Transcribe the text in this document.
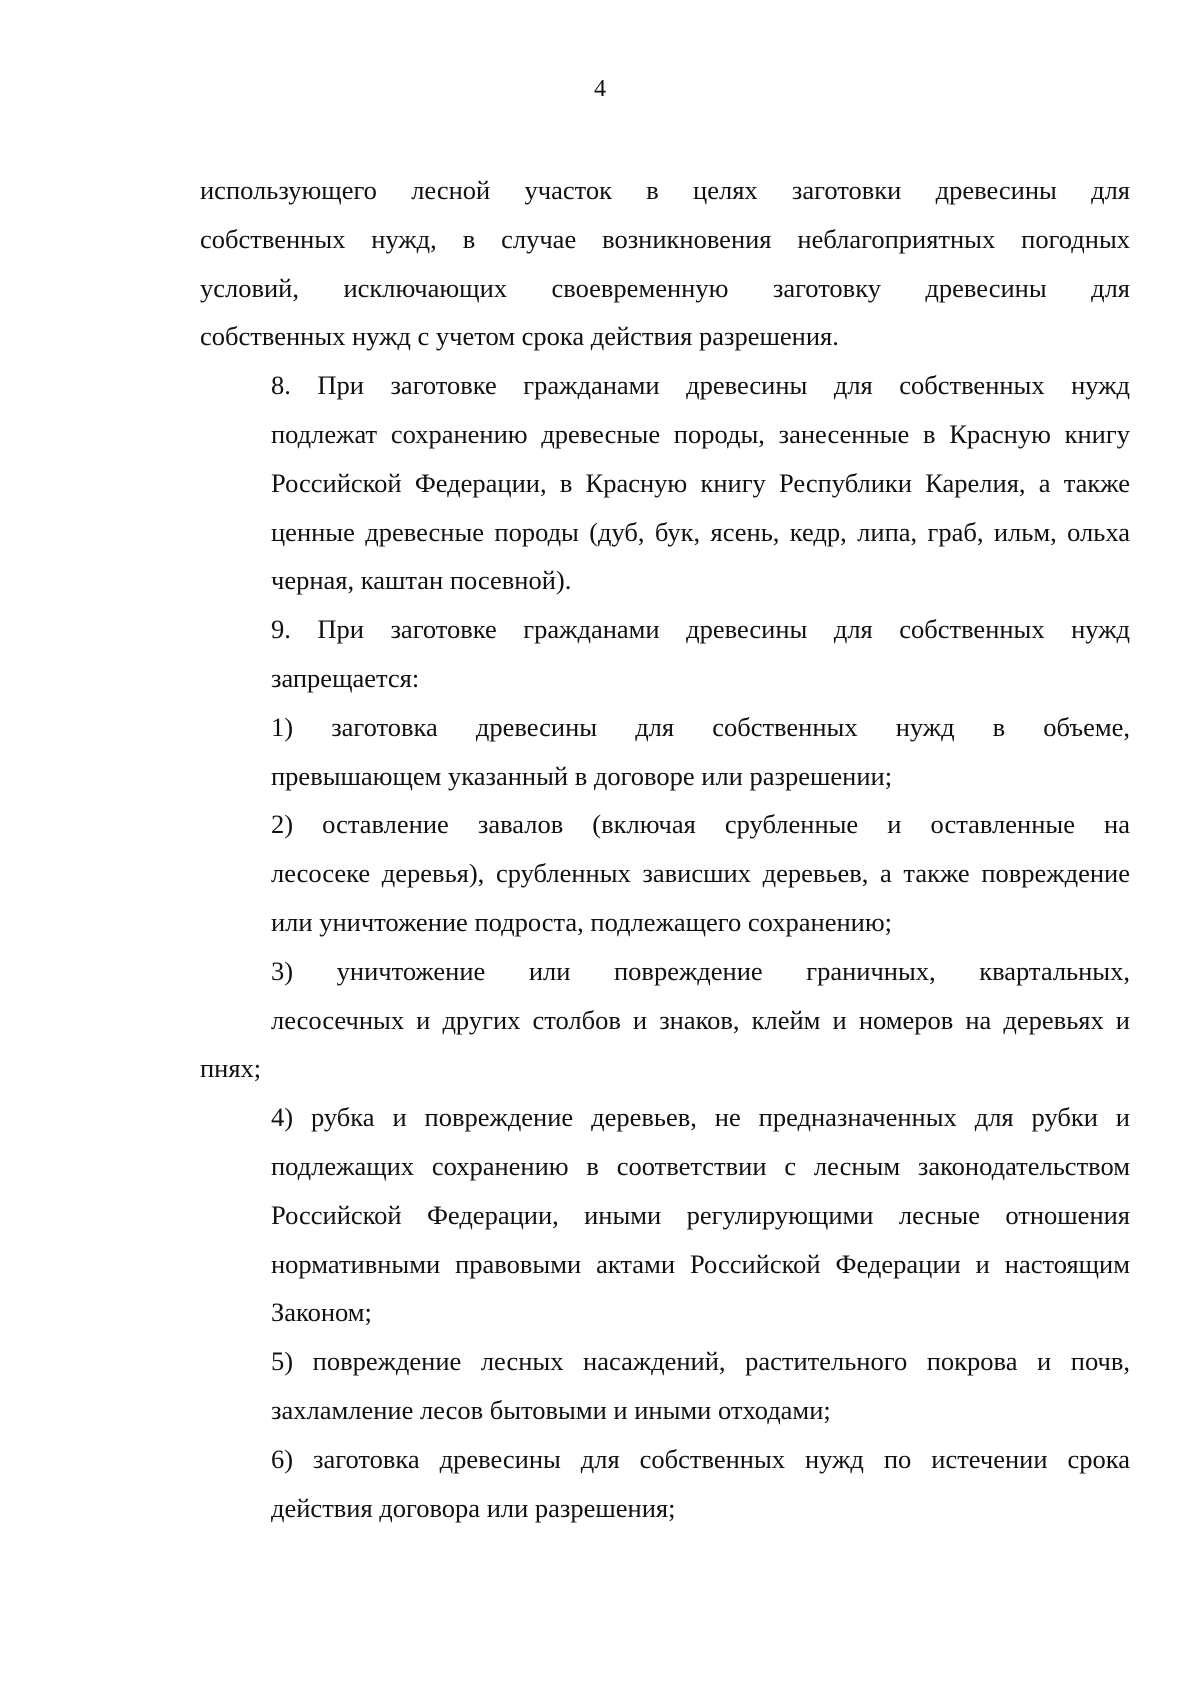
4

использующего лесной участок в целях заготовки древесины для
собственных нужд, в случае возникновения неблагоприятных погодных
условий, исключающих своевременную заготовку древесины для
собственных нужд с учетом срока действия разрешения.

8. При заготовке гражданами древесины для собственных нужд
подлежат сохранению древесные породы, занесенные в Красную книгу
Российской Федерации, в Красную книгу Республики Карелия, а также
ценные древесные породы (дуб, бук, ясень, кедр, липа, граб, ильм, ольха
черная, каштан посевной).

9. При заготовке гражданами древесины для собственных нужд
запрещается:

1) заготовка древесины для собственных нужд в объеме,
превышающем указанный в договоре или разрешении;

2) оставление завалов (включая срубленные и оставленные на
лесосеке деревья), срубленных зависших деревьев, а также повреждение
или уничтожение подроста, подлежащего сохранению;

3) уничтожение или повреждение граничных, квартальных,
лесосечных и других столбов и знаков, клейм и номеров на деревьях и пнях;

4) рубка и повреждение деревьев, не предназначенных для рубки и
подлежащих сохранению в соответствии с лесным законодательством
Российской Федерации, иными регулирующими лесные отношения
нормативными правовыми актами Российской Федерации и настоящим
Законом;

5) повреждение лесных насаждений, растительного покрова и почв,
захламление лесов бытовыми и иными отходами;

6) заготовка древесины для собственных нужд по истечении срока
действия договора или разрешения;
